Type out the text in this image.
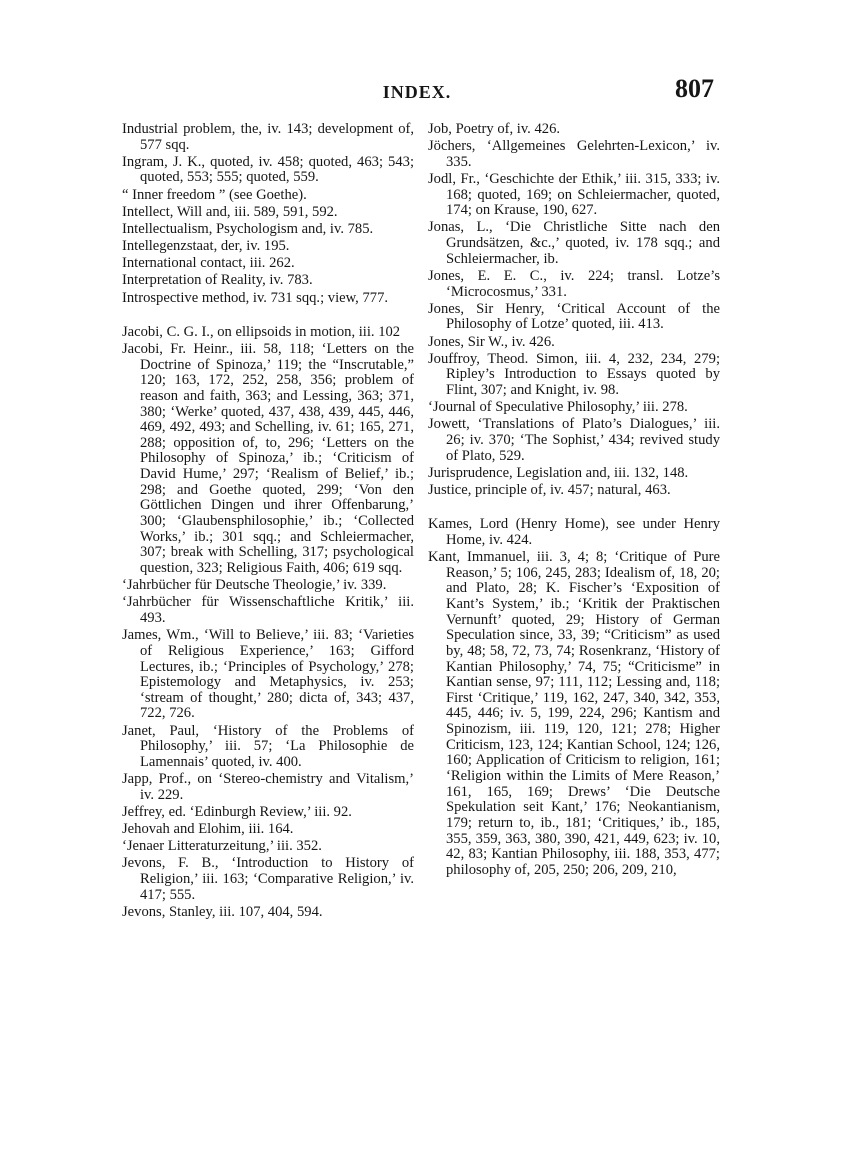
INDEX.	807
Industrial problem, the, iv. 143; development of, 577 sqq.
Ingram, J. K., quoted, iv. 458; quoted, 463; 543; quoted, 553; 555; quoted, 559.
“ Inner freedom ” (see Goethe).
Intellect, Will and, iii. 589, 591, 592.
Intellectualism, Psychologism and, iv. 785.
Intellegenzstaat, der, iv. 195.
International contact, iii. 262.
Interpretation of Reality, iv. 783.
Introspective method, iv. 731 sqq.; view, 777.
Jacobi, C. G. I., on ellipsoids in motion, iii. 102
Jacobi, Fr. Heinr., iii. 58, 118; ‘Letters on the Doctrine of Spinoza,’ 119; the “Inscrutable,” 120; 163, 172, 252, 258, 356; problem of reason and faith, 363; and Lessing, 363; 371, 380; ‘Werke’ quoted, 437, 438, 439, 445, 446, 469, 492, 493; and Schelling, iv. 61; 165, 271, 288; opposition of, to, 296; ‘Letters on the Philosophy of Spinoza,’ ib.; ‘Criticism of David Hume,’ 297; ‘Realism of Belief,’ ib.; 298; and Goethe quoted, 299; ‘Von den Göttlichen Dingen und ihrer Offenbarung,’ 300; ‘Glaubensphilosophie,’ ib.; ‘Collected Works,’ ib.; 301 sqq.; and Schleiermacher, 307; break with Schelling, 317; psychological question, 323; Religious Faith, 406; 619 sqq.
‘Jahrbücher für Deutsche Theologie,’ iv. 339.
‘Jahrbücher für Wissenschaftliche Kritik,’ iii. 493.
James, Wm., ‘Will to Believe,’ iii. 83; ‘Varieties of Religious Experience,’ 163; Gifford Lectures, ib.; ‘Principles of Psychology,’ 278; Epistemology and Metaphysics, iv. 253; ‘stream of thought,’ 280; dicta of, 343; 437, 722, 726.
Janet, Paul, ‘History of the Problems of Philosophy,’ iii. 57; ‘La Philosophie de Lamennais’ quoted, iv. 400.
Japp, Prof., on ‘Stereo-chemistry and Vitalism,’ iv. 229.
Jeffrey, ed. ‘Edinburgh Review,’ iii. 92.
Jehovah and Elohim, iii. 164.
‘Jenaer Litteraturzeitung,’ iii. 352.
Jevons, F. B., ‘Introduction to History of Religion,’ iii. 163; ‘Comparative Religion,’ iv. 417; 555.
Jevons, Stanley, iii. 107, 404, 594.
Job, Poetry of, iv. 426.
Jöchers, ‘Allgemeines Gelehrten-Lexicon,’ iv. 335.
Jodl, Fr., ‘Geschichte der Ethik,’ iii. 315, 333; iv. 168; quoted, 169; on Schleiermacher, quoted, 174; on Krause, 190, 627.
Jonas, L., ‘Die Christliche Sitte nach den Grundsätzen, &c.,’ quoted, iv. 178 sqq.; and Schleiermacher, ib.
Jones, E. E. C., iv. 224; transl. Lotze’s ‘Microcosmus,’ 331.
Jones, Sir Henry, ‘Critical Account of the Philosophy of Lotze’ quoted, iii. 413.
Jones, Sir W., iv. 426.
Jouffroy, Theod. Simon, iii. 4, 232, 234, 279; Ripley’s Introduction to Essays quoted by Flint, 307; and Knight, iv. 98.
‘Journal of Speculative Philosophy,’ iii. 278.
Jowett, ‘Translations of Plato’s Dialogues,’ iii. 26; iv. 370; ‘The Sophist,’ 434; revived study of Plato, 529.
Jurisprudence, Legislation and, iii. 132, 148.
Justice, principle of, iv. 457; natural, 463.
Kames, Lord (Henry Home), see under Henry Home, iv. 424.
Kant, Immanuel, iii. 3, 4; 8; ‘Critique of Pure Reason,’ 5; 106, 245, 283; Idealism of, 18, 20; and Plato, 28; K. Fischer’s ‘Exposition of Kant’s System,’ ib.; ‘Kritik der Praktischen Vernunft’ quoted, 29; History of German Speculation since, 33, 39; “Criticism” as used by, 48; 58, 72, 73, 74; Rosenkranz, ‘History of Kantian Philosophy,’ 74, 75; “Criticisme” in Kantian sense, 97; 111, 112; Lessing and, 118; First ‘Critique,’ 119, 162, 247, 340, 342, 353, 445, 446; iv. 5, 199, 224, 296; Kantism and Spinozism, iii. 119, 120, 121; 278; Higher Criticism, 123, 124; Kantian School, 124; 126, 160; Application of Criticism to religion, 161; ‘Religion within the Limits of Mere Reason,’ 161, 165, 169; Drews’ ‘Die Deutsche Spekulation seit Kant,’ 176; Neokantianism, 179; return to, ib., 181; ‘Critiques,’ ib., 185, 355, 359, 363, 380, 390, 421, 449, 623; iv. 10, 42, 83; Kantian Philosophy, iii. 188, 353, 477; philosophy of, 205, 250; 206, 209, 210,
